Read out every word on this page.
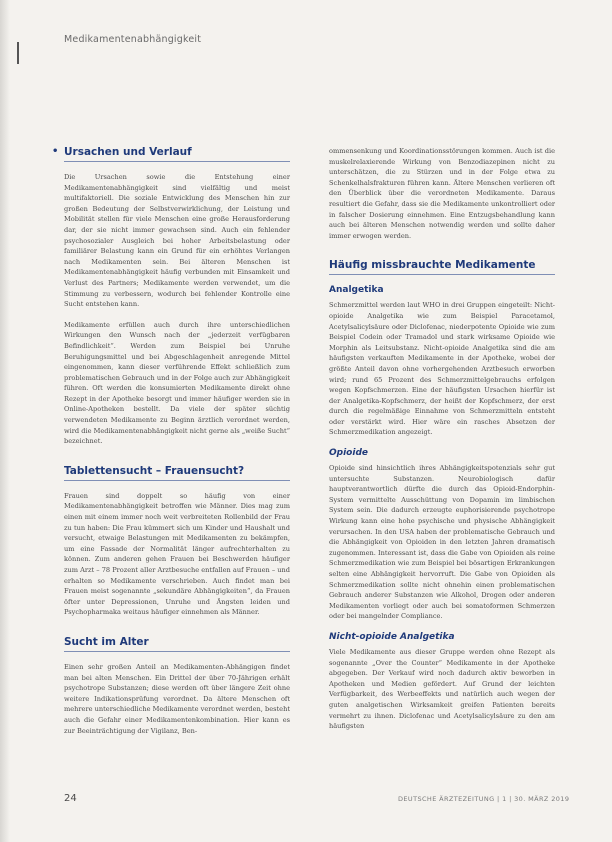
Medikamentenabhängigkeit
• Ursachen und Verlauf

Die Ursachen sowie die Entstehung einer Medikamentenabhängigkeit sind vielfältig und meist multifaktoriell. Die soziale Entwicklung des Menschen hin zur großen Bedeutung der Selbstverwirklichung, der Leistung und Mobilität stellen für viele Menschen eine große Herausforderung dar, der sie nicht immer gewachsen sind. Auch ein fehlender psychosozialer Ausgleich bei hoher Arbeitsbelastung oder familiärer Belastung kann ein Grund für ein erhöhtes Verlangen nach Medikamenten sein. Bei älteren Menschen ist Medikamentenabhängigkeit häufig verbunden mit Einsamkeit und Verlust des Partners; Medikamente werden verwendet, um die Stimmung zu verbessern, wodurch bei fehlender Kontrolle eine Sucht entstehen kann.

Medikamente erfüllen auch durch ihre unterschiedlichen Wirkungen den Wunsch nach der „jederzeit verfügbaren Befindlichkeit“. Werden zum Beispiel bei Unruhe Beruhigungsmittel und bei Abgeschlagenheit anregende Mittel eingenommen, kann dieser verführende Effekt schließlich zum problematischen Gebrauch und in der Folge auch zur Abhängigkeit führen. Oft werden die konsumierten Medikamente direkt ohne Rezept in der Apotheke besorgt und immer häufiger werden sie in Online-Apotheken bestellt. Da viele der später süchtig verwendeten Medikamente zu Beginn ärztlich verordnet werden, wird die Medikamentenabhängigkeit nicht gerne als „weiße Sucht“ bezeichnet.

Tablettensucht – Frauensucht?

Frauen sind doppelt so häufig von einer Medikamentenabhängigkeit betroffen wie Männer. Dies mag zum einen mit einem immer noch weit verbreiteten Rollenbild der Frau zu tun haben: Die Frau kümmert sich um Kinder und Haushalt und versucht, etwaige Belastungen mit Medikamenten zu bekämpfen, um eine Fassade der Normalität länger aufrechterhalten zu können. Zum anderen gehen Frauen bei Beschwerden häufiger zum Arzt – 78 Prozent aller Arztbesuche entfallen auf Frauen – und erhalten so Medikamente verschrieben. Auch findet man bei Frauen meist sogenannte „sekundäre Abhängigkeiten“, da Frauen öfter unter Depressionen, Unruhe und Ängsten leiden und Psychopharmaka weitaus häufiger einnehmen als Männer.

Sucht im Alter

Einen sehr großen Anteil an Medikamenten-Abhängigen findet man bei alten Menschen. Ein Drittel der über 70-Jährigen erhält psychotrope Substanzen; diese werden oft über längere Zeit ohne weitere Indikationsprüfung verordnet. Da ältere Menschen oft mehrere unterschiedliche Medikamente verordnet werden, besteht auch die Gefahr einer Medikamentenkombination. Hier kann es zur Beeinträchtigung der Vigilanz, Ben-

ommensenkung und Koordinationsstörungen kommen. Auch ist die muskelrelaxierende Wirkung von Benzodiazepinen nicht zu unterschätzen, die zu Stürzen und in der Folge etwa zu Schenkelhalsfrakturen führen kann. Ältere Menschen verlieren oft den Überblick über die verordneten Medikamente. Daraus resultiert die Gefahr, dass sie die Medikamente unkontrolliert oder in falscher Dosierung einnehmen. Eine Entzugsbehandlung kann auch bei älteren Menschen notwendig werden und sollte daher immer erwogen werden.

Häufig missbrauchte Medikamente
Analgetika

Schmerzmittel werden laut WHO in drei Gruppen eingeteilt: Nicht-opioide Analgetika wie zum Beispiel Paracetamol, Acetylsalicylsäure oder Diclofenac, niederpotente Opioide wie zum Beispiel Codein oder Tramadol und stark wirksame Opioide wie Morphin als Leitsubstanz. Nicht-opioide Analgetika sind die am häufigsten verkauften Medikamente in der Apotheke, wobei der größte Anteil davon ohne vorhergehenden Arztbesuch erworben wird; rund 65 Prozent des Schmerzmittelgebrauchs erfolgen wegen Kopfschmerzen. Eine der häufigsten Ursachen hierfür ist der Analgetika-Kopfschmerz, der heißt der Kopfschmerz, der erst durch die regelmäßige Einnahme von Schmerzmitteln entsteht oder verstärkt wird. Hier wäre ein rasches Absetzen der Schmerzmedikation angezeigt.

Opioide

Opioide sind hinsichtlich ihres Abhängigkeitspotenzials sehr gut untersuchte Substanzen. Neurobiologisch dafür hauptverantwortlich dürfte die durch das Opioid-Endorphin-System vermittelte Ausschüttung von Dopamin im limbischen System sein. Die dadurch erzeugte euphorisierende psychotrope Wirkung kann eine hohe psychische und physische Abhängigkeit verursachen. In den USA haben der problematische Gebrauch und die Abhängigkeit von Opioiden in den letzten Jahren dramatisch zugenommen. Interessant ist, dass die Gabe von Opioiden als reine Schmerzmedikation wie zum Beispiel bei bösartigen Erkrankungen selten eine Abhängigkeit hervorruft. Die Gabe von Opioiden als Schmerzmedikation sollte nicht ohnehin einen problematischen Gebrauch anderer Substanzen wie Alkohol, Drogen oder anderen Medikamenten vorliegt oder auch bei somatoformen Schmerzen oder bei mangelnder Compliance.

Nicht-opioide Analgetika

Viele Medikamente aus dieser Gruppe werden ohne Rezept als sogenannte „Over the Counter“ Medikamente in der Apotheke abgegeben. Der Verkauf wird noch dadurch aktiv beworben in Apotheken und Medien gefördert. Auf Grund der leichten Verfügbarkeit, des Werbeeffekts und natürlich auch wegen der guten analgetischen Wirksamkeit greifen Patienten bereits vermehrt zu ihnen. Diclofenac und Acetylsalicylsäure zu den am häufigsten

24	DEUTSCHE ÄRZTEZEITUNG | 1 | 30. MÄRZ 2019
